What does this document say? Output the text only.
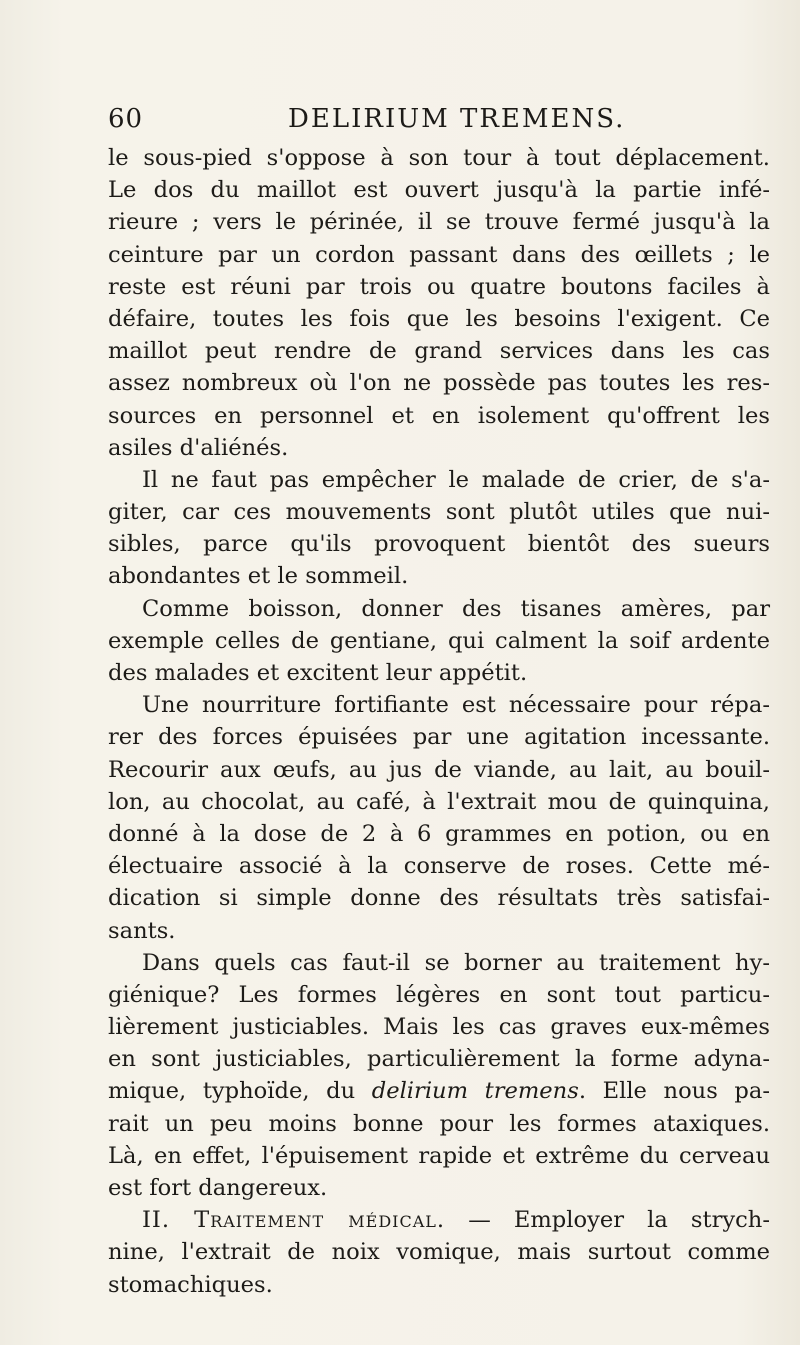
60	DELIRIUM TREMENS.
le sous-pied s'oppose à son tour à tout déplacement.
Le dos du maillot est ouvert jusqu'à la partie infé-
rieure ; vers le périnée, il se trouve fermé jusqu'à la
ceinture par un cordon passant dans des œillets ; le
reste est réuni par trois ou quatre boutons faciles à
défaire, toutes les fois que les besoins l'exigent. Ce
maillot peut rendre de grand services dans les cas
assez nombreux où l'on ne possède pas toutes les res-
sources en personnel et en isolement qu'offrent les
asiles d'aliénés.
Il ne faut pas empêcher le malade de crier, de s'a-
giter, car ces mouvements sont plutôt utiles que nui-
sibles, parce qu'ils provoquent bientôt des sueurs
abondantes et le sommeil.
Comme boisson, donner des tisanes amères, par
exemple celles de gentiane, qui calment la soif ardente
des malades et excitent leur appétit.
Une nourriture fortifiante est nécessaire pour répa-
rer des forces épuisées par une agitation incessante.
Recourir aux œufs, au jus de viande, au lait, au bouil-
lon, au chocolat, au café, à l'extrait mou de quinquina,
donné à la dose de 2 à 6 grammes en potion, ou en
électuaire associé à la conserve de roses. Cette mé-
dication si simple donne des résultats très satisfai-
sants.
Dans quels cas faut-il se borner au traitement hy-
giénique? Les formes légères en sont tout particu-
lièrement justiciables. Mais les cas graves eux-mêmes
en sont justiciables, particulièrement la forme adyna-
mique, typhoïde, du delirium tremens. Elle nous pa-
rait un peu moins bonne pour les formes ataxiques.
Là, en effet, l'épuisement rapide et extrême du cerveau
est fort dangereux.
II. Traitement médical. — Employer la strych-
nine, l'extrait de noix vomique, mais surtout comme
stomachiques.
